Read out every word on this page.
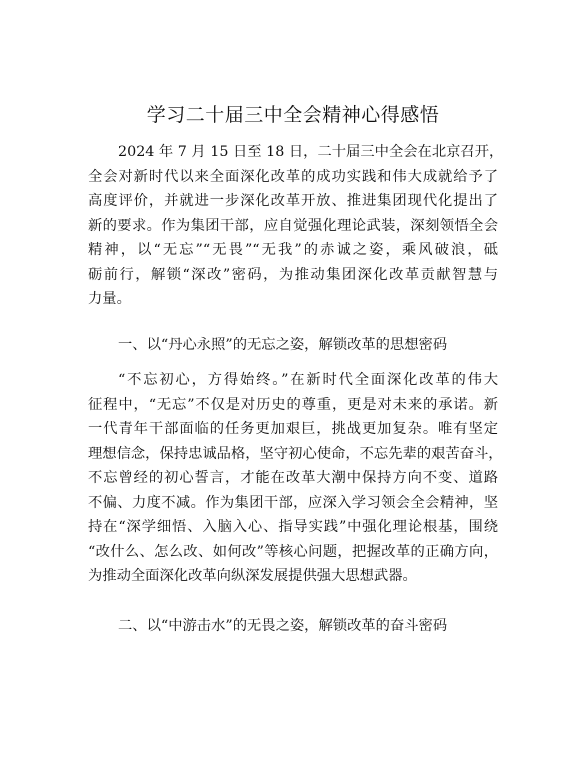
学习二十届三中全会精神心得感悟
2024 年 7 月 15 日至 18 日，二十届三中全会在北京召开，
全会对新时代以来全面深化改革的成功实践和伟大成就给予了
高度评价，并就进一步深化改革开放、推进集团现代化提出了
新的要求。作为集团干部，应自觉强化理论武装，深刻领悟全会
精神，以“无忘”“无畏”“无我”的赤诚之姿，乘风破浪，砥
砺前行，解锁“深改”密码，为推动集团深化改革贡献智慧与
力量。
一、以“丹心永照”的无忘之姿，解锁改革的思想密码
“不忘初心，方得始终。”在新时代全面深化改革的伟大
征程中，“无忘”不仅是对历史的尊重，更是对未来的承诺。新
一代青年干部面临的任务更加艰巨，挑战更加复杂。唯有坚定
理想信念，保持忠诚品格，坚守初心使命，不忘先辈的艰苦奋斗，
不忘曾经的初心誓言，才能在改革大潮中保持方向不变、道路
不偏、力度不减。作为集团干部，应深入学习领会全会精神，坚
持在“深学细悟、入脑入心、指导实践”中强化理论根基，围绕
“改什么、怎么改、如何改”等核心问题，把握改革的正确方向，
为推动全面深化改革向纵深发展提供强大思想武器。
二、以“中游击水”的无畏之姿，解锁改革的奋斗密码
